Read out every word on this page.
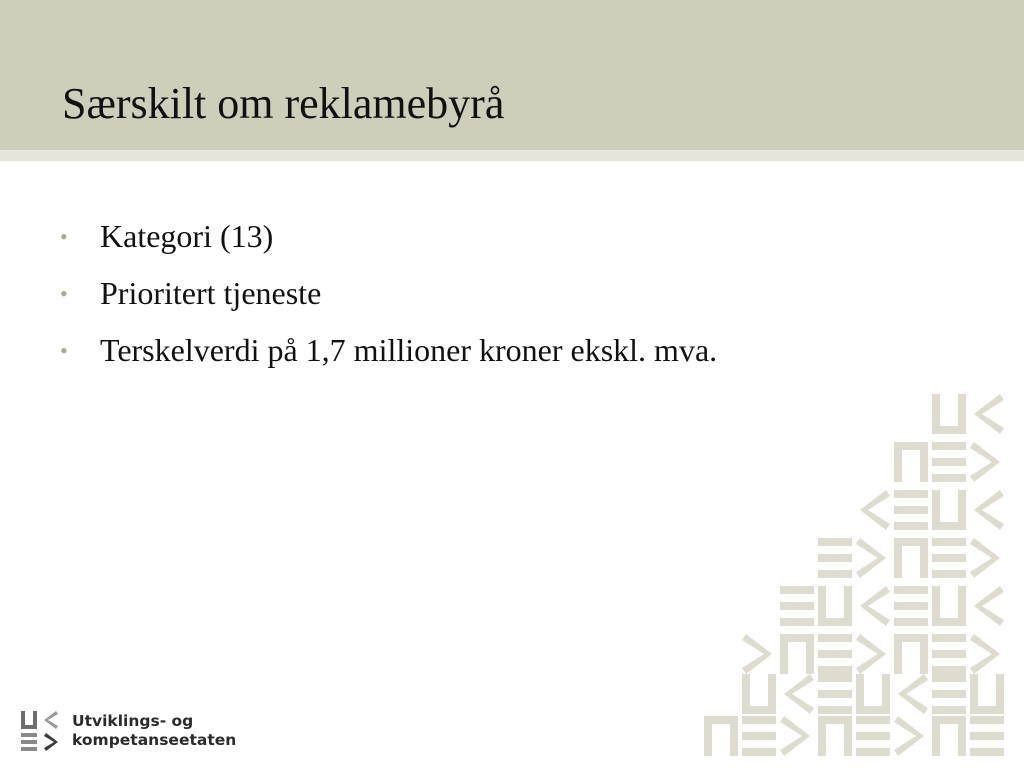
Særskilt om reklamebyrå
•	Kategori (13)
•	Prioritert tjeneste
•	Terskelverdi på 1,7 millioner kroner ekskl. mva.
Utviklings- og
kompetanseetaten
